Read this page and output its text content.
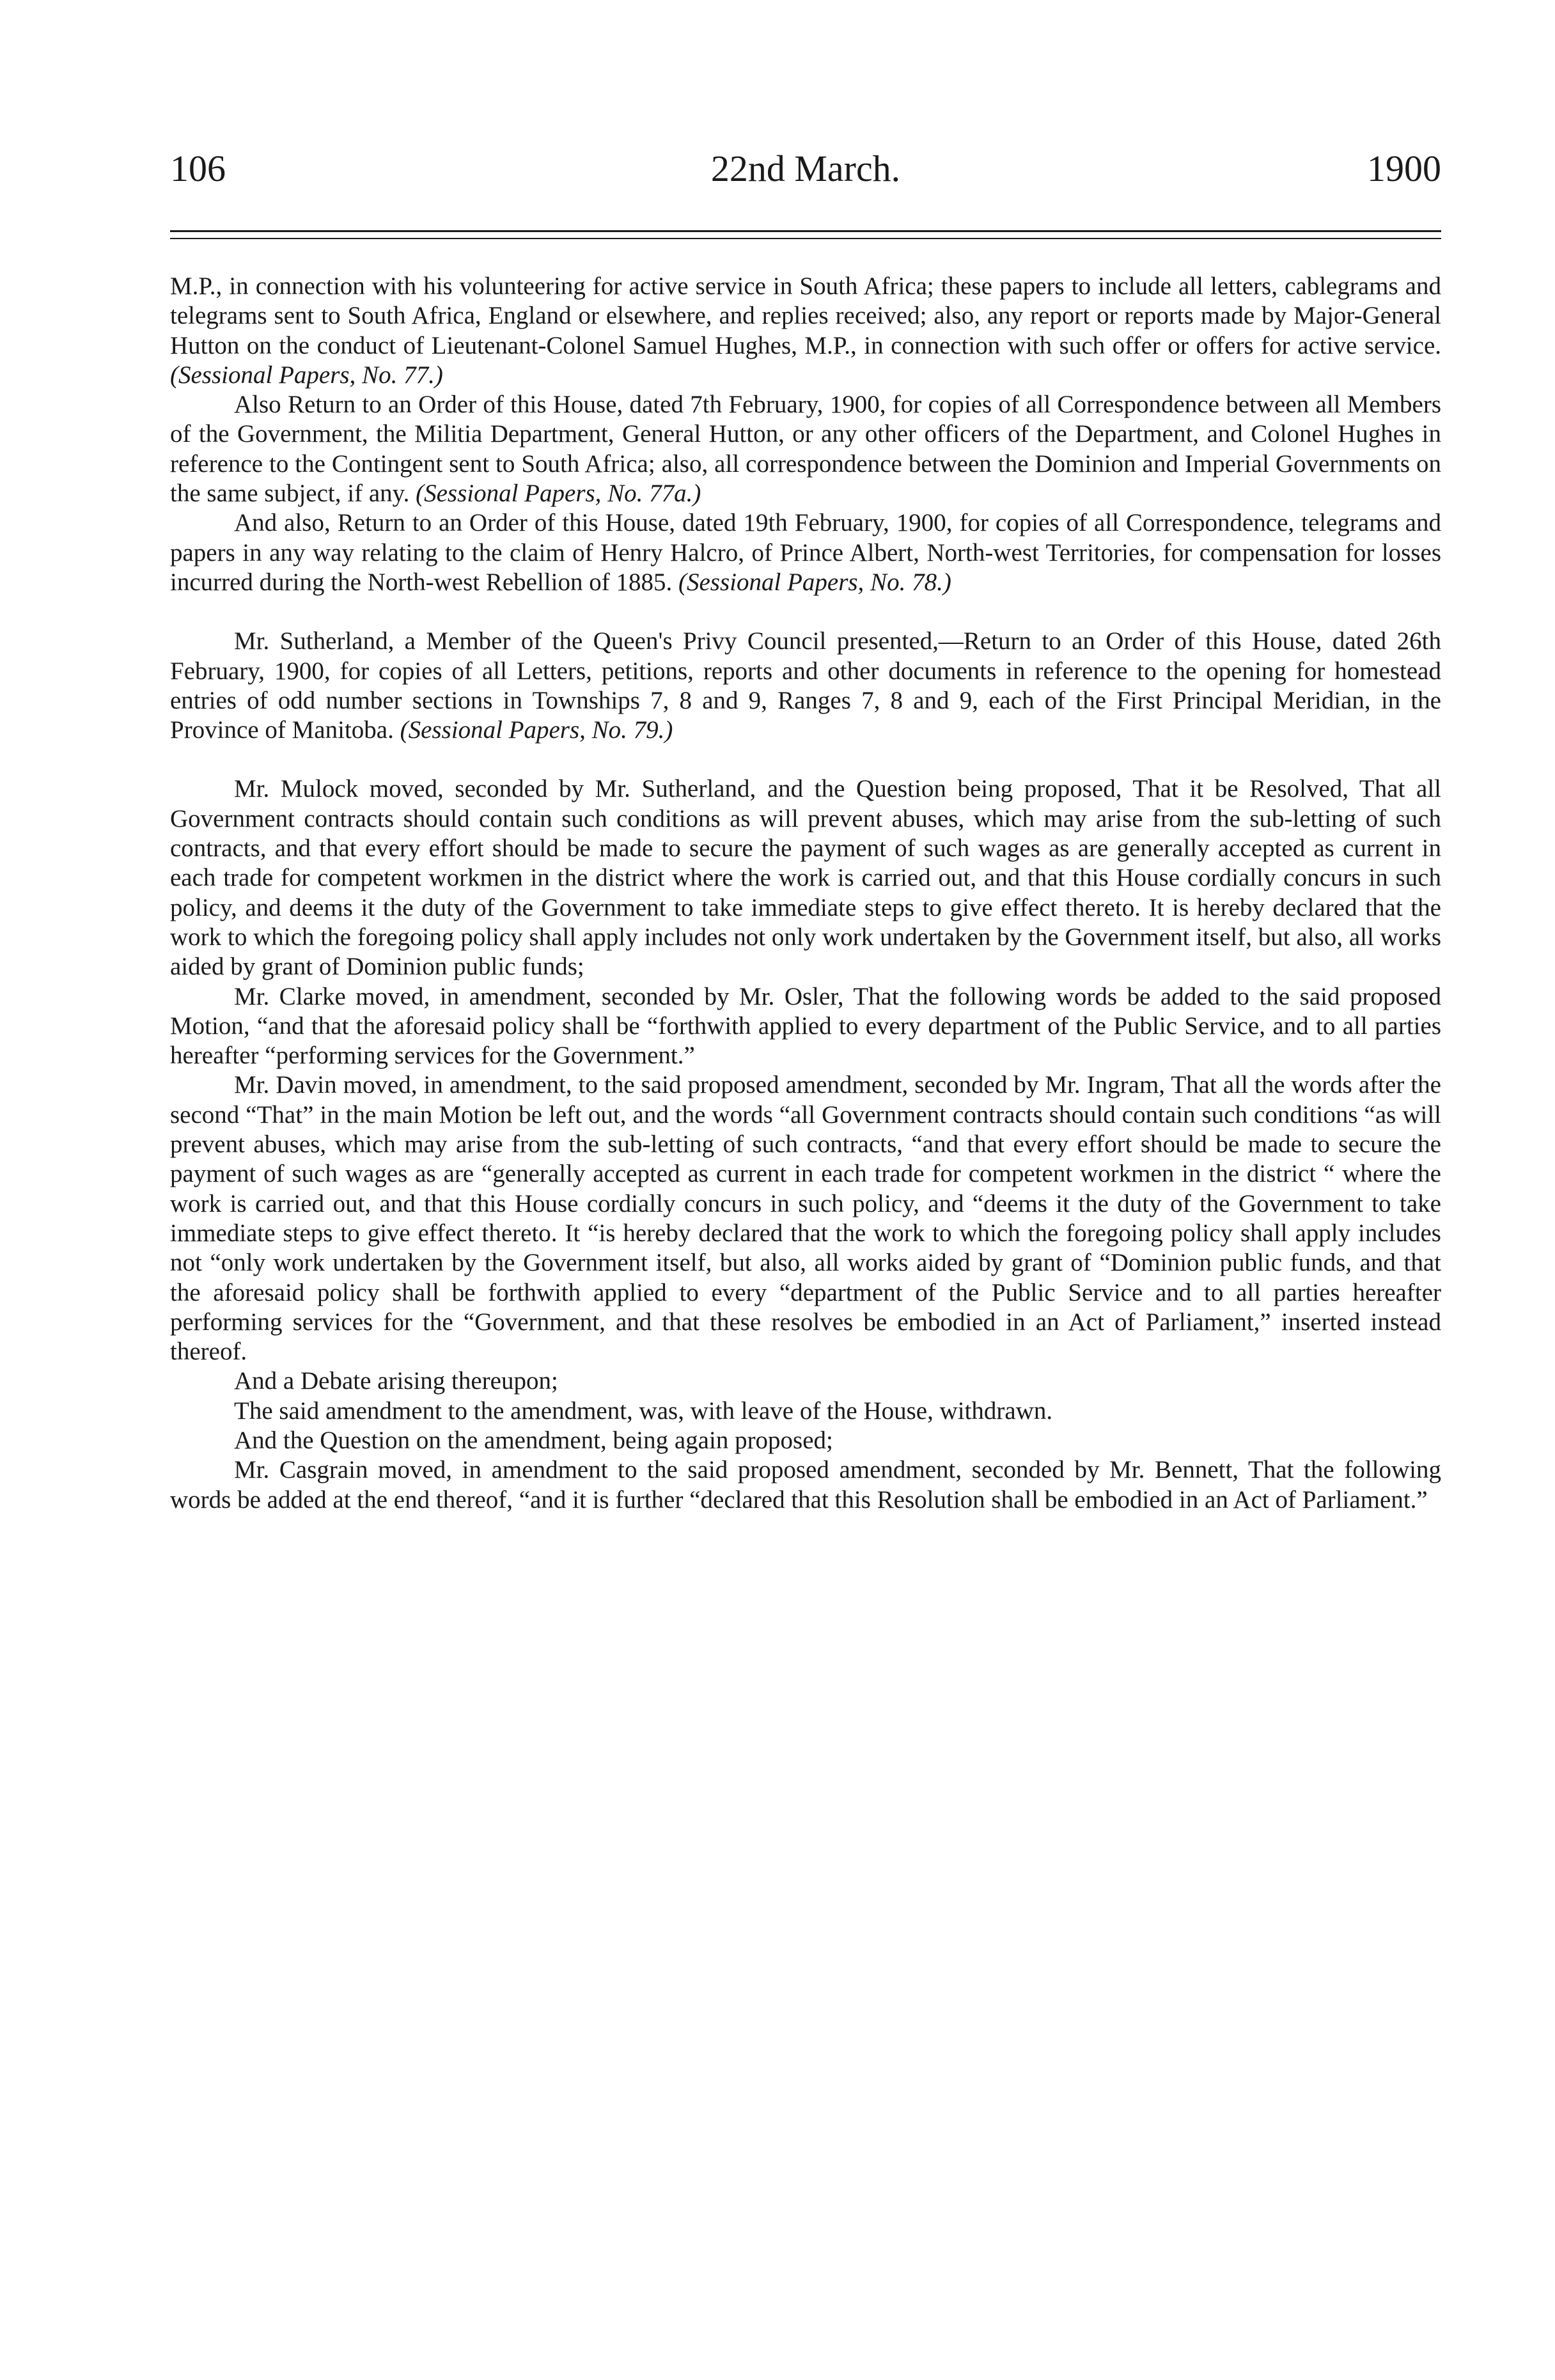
106	22nd March.	1900

M.P., in connection with his volunteering for active service in South Africa; these papers to include all letters, cablegrams and telegrams sent to South Africa, England or elsewhere, and replies received; also, any report or reports made by Major-General Hutton on the conduct of Lieutenant-Colonel Samuel Hughes, M.P., in connection with such offer or offers for active service. (Sessional Papers, No. 77.)

Also Return to an Order of this House, dated 7th February, 1900, for copies of all Correspondence between all Members of the Government, the Militia Department, General Hutton, or any other officers of the Department, and Colonel Hughes in reference to the Contingent sent to South Africa; also, all correspondence between the Dominion and Imperial Governments on the same subject, if any. (Sessional Papers, No. 77a.)

And also, Return to an Order of this House, dated 19th February, 1900, for copies of all Correspondence, telegrams and papers in any way relating to the claim of Henry Halcro, of Prince Albert, North-west Territories, for compensation for losses incurred during the North-west Rebellion of 1885. (Sessional Papers, No. 78.)

Mr. Sutherland, a Member of the Queen's Privy Council presented,—Return to an Order of this House, dated 26th February, 1900, for copies of all Letters, petitions, reports and other documents in reference to the opening for homestead entries of odd number sections in Townships 7, 8 and 9, Ranges 7, 8 and 9, each of the First Principal Meridian, in the Province of Manitoba. (Sessional Papers, No. 79.)

Mr. Mulock moved, seconded by Mr. Sutherland, and the Question being proposed, That it be Resolved, That all Government contracts should contain such conditions as will prevent abuses, which may arise from the sub-letting of such contracts, and that every effort should be made to secure the payment of such wages as are generally accepted as current in each trade for competent workmen in the district where the work is carried out, and that this House cordially concurs in such policy, and deems it the duty of the Government to take immediate steps to give effect thereto. It is hereby declared that the work to which the foregoing policy shall apply includes not only work undertaken by the Government itself, but also, all works aided by grant of Dominion public funds;

Mr. Clarke moved, in amendment, seconded by Mr. Osler, That the following words be added to the said proposed Motion, “and that the aforesaid policy shall be “forthwith applied to every department of the Public Service, and to all parties hereafter “performing services for the Government.”

Mr. Davin moved, in amendment, to the said proposed amendment, seconded by Mr. Ingram, That all the words after the second “That” in the main Motion be left out, and the words “all Government contracts should contain such conditions “as will prevent abuses, which may arise from the sub-letting of such contracts, “and that every effort should be made to secure the payment of such wages as are “generally accepted as current in each trade for competent workmen in the district “ where the work is carried out, and that this House cordially concurs in such policy, and “deems it the duty of the Government to take immediate steps to give effect thereto. It “is hereby declared that the work to which the foregoing policy shall apply includes not “only work undertaken by the Government itself, but also, all works aided by grant of “Dominion public funds, and that the aforesaid policy shall be forthwith applied to every “department of the Public Service and to all parties hereafter performing services for the “Government, and that these resolves be embodied in an Act of Parliament,” inserted instead thereof.

And a Debate arising thereupon;

The said amendment to the amendment, was, with leave of the House, withdrawn.

And the Question on the amendment, being again proposed;

Mr. Casgrain moved, in amendment to the said proposed amendment, seconded by Mr. Bennett, That the following words be added at the end thereof, “and it is further “declared that this Resolution shall be embodied in an Act of Parliament.”
